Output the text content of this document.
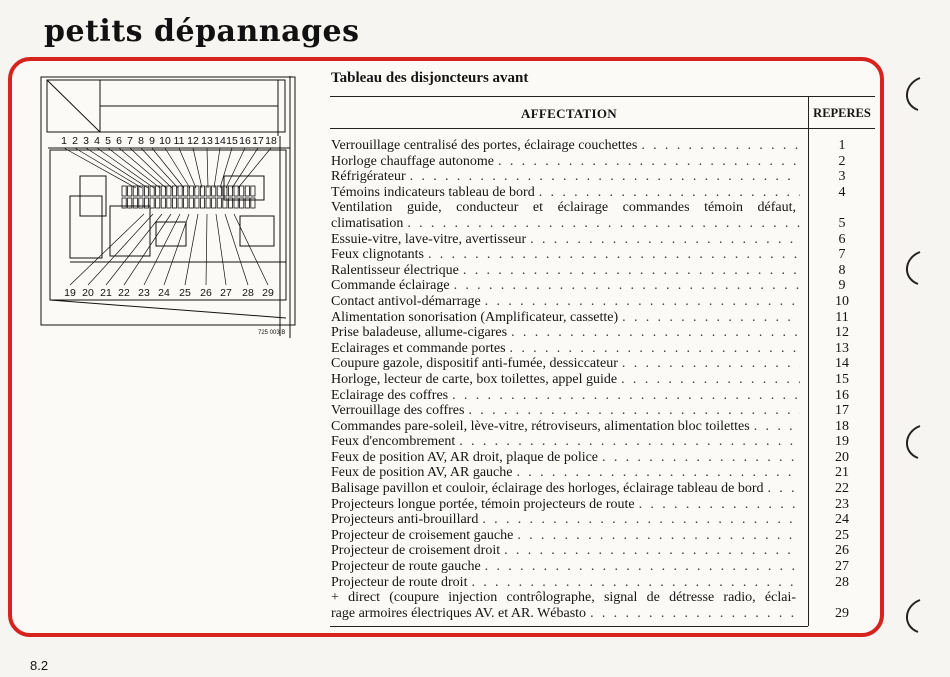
petits dépannages
1 2 3 4 5 6 7 8 9 10 11 12 13 14 15 16 17 18
19 20 21 22 23 24 25 26 27 28 29
725 003 B
Tableau des disjoncteurs avant
AFFECTATION	REPERES
Verrouillage centralisé des portes, éclairage couchettes . . .	1
Horloge chauffage autonome . . .	2
Réfrigérateur . . .	3
Témoins indicateurs tableau de bord . . .	4
Ventilation guide, conducteur et éclairage commandes témoin défaut,
climatisation . . .	5
Essuie-vitre, lave-vitre, avertisseur . . .	6
Feux clignotants . . .	7
Ralentisseur électrique . . .	8
Commande éclairage . . .	9
Contact antivol-démarrage . . .	10
Alimentation sonorisation (Amplificateur, cassette) . . .	11
Prise baladeuse, allume-cigares . . .	12
Eclairages et commande portes . . .	13
Coupure gazole, dispositif anti-fumée, dessiccateur . . .	14
Horloge, lecteur de carte, box toilettes, appel guide . . .	15
Eclairage des coffres . . .	16
Verrouillage des coffres . . .	17
Commandes pare-soleil, lève-vitre, rétroviseurs, alimentation bloc toilettes . . .	18
Feux d'encombrement . . .	19
Feux de position AV, AR droit, plaque de police . . .	20
Feux de position AV, AR gauche . . .	21
Balisage pavillon et couloir, éclairage des horloges, éclairage tableau de bord . . .	22
Projecteurs longue portée, témoin projecteurs de route . . .	23
Projecteurs anti-brouillard . . .	24
Projecteur de croisement gauche . . .	25
Projecteur de croisement droit . . .	26
Projecteur de route gauche . . .	27
Projecteur de route droit . . .	28
+ direct (coupure injection contrôlographe, signal de détresse radio, éclai-
rage armoires électriques AV. et AR. Wébasto . . .	29
8.2
